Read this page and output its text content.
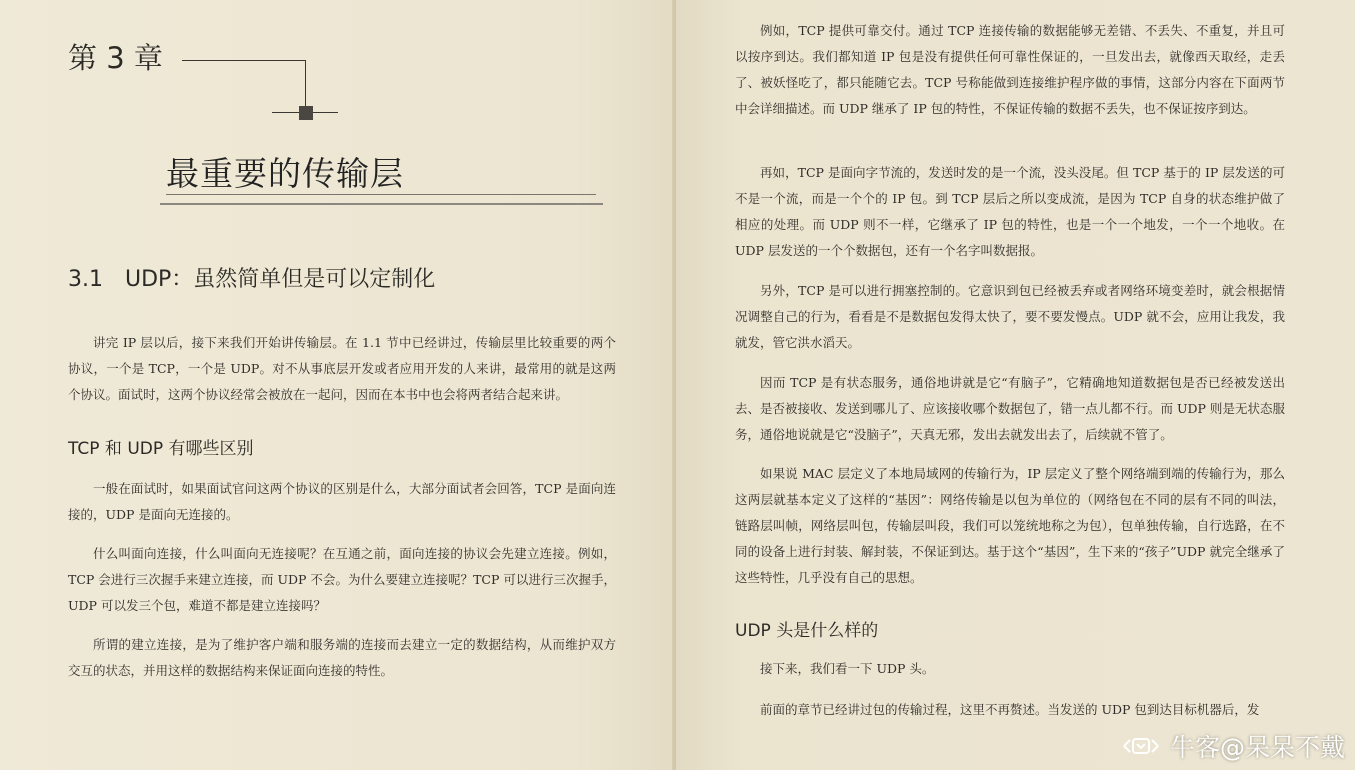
第 3 章
最重要的传输层
3.1　UDP：虽然简单但是可以定制化

讲完 IP 层以后，接下来我们开始讲传输层。在 1.1 节中已经讲过，传输层里比较重要的两个协议，一个是 TCP，一个是 UDP。对不从事底层开发或者应用开发的人来讲，最常用的就是这两个协议。面试时，这两个协议经常会被放在一起问，因而在本书中也会将两者结合起来讲。

TCP 和 UDP 有哪些区别

一般在面试时，如果面试官问这两个协议的区别是什么，大部分面试者会回答，TCP 是面向连接的，UDP 是面向无连接的。

什么叫面向连接，什么叫面向无连接呢？在互通之前，面向连接的协议会先建立连接。例如，TCP 会进行三次握手来建立连接，而 UDP 不会。为什么要建立连接呢？TCP 可以进行三次握手，UDP 可以发三个包，难道不都是建立连接吗？

所谓的建立连接，是为了维护客户端和服务端的连接而去建立一定的数据结构，从而维护双方交互的状态，并用这样的数据结构来保证面向连接的特性。

例如，TCP 提供可靠交付。通过 TCP 连接传输的数据能够无差错、不丢失、不重复，并且可以按序到达。我们都知道 IP 包是没有提供任何可靠性保证的，一旦发出去，就像西天取经，走丢了、被妖怪吃了，都只能随它去。TCP 号称能做到连接维护程序做的事情，这部分内容在下面两节中会详细描述。而 UDP 继承了 IP 包的特性，不保证传输的数据不丢失，也不保证按序到达。

再如，TCP 是面向字节流的，发送时发的是一个流，没头没尾。但 TCP 基于的 IP 层发送的可不是一个流，而是一个个的 IP 包。到 TCP 层后之所以变成流，是因为 TCP 自身的状态维护做了相应的处理。而 UDP 则不一样，它继承了 IP 包的特性，也是一个一个地发，一个一个地收。在 UDP 层发送的一个个数据包，还有一个名字叫数据报。

另外，TCP 是可以进行拥塞控制的。它意识到包已经被丢弃或者网络环境变差时，就会根据情况调整自己的行为，看看是不是数据包发得太快了，要不要发慢点。UDP 就不会，应用让我发，我就发，管它洪水滔天。

因而 TCP 是有状态服务，通俗地讲就是它“有脑子”，它精确地知道数据包是否已经被发送出去、是否被接收、发送到哪儿了、应该接收哪个数据包了，错一点儿都不行。而 UDP 则是无状态服务，通俗地说就是它“没脑子”，天真无邪，发出去就发出去了，后续就不管了。

如果说 MAC 层定义了本地局域网的传输行为，IP 层定义了整个网络端到端的传输行为，那么这两层就基本定义了这样的“基因”：网络传输是以包为单位的（网络包在不同的层有不同的叫法，链路层叫帧，网络层叫包，传输层叫段，我们可以笼统地称之为包），包单独传输，自行选路，在不同的设备上进行封装、解封装，不保证到达。基于这个“基因”，生下来的“孩子”UDP 就完全继承了这些特性，几乎没有自己的思想。

UDP 头是什么样的

接下来，我们看一下 UDP 头。

前面的章节已经讲过包的传输过程，这里不再赘述。当发送的 UDP 包到达目标机器后，发

牛客@呆呆不戴
